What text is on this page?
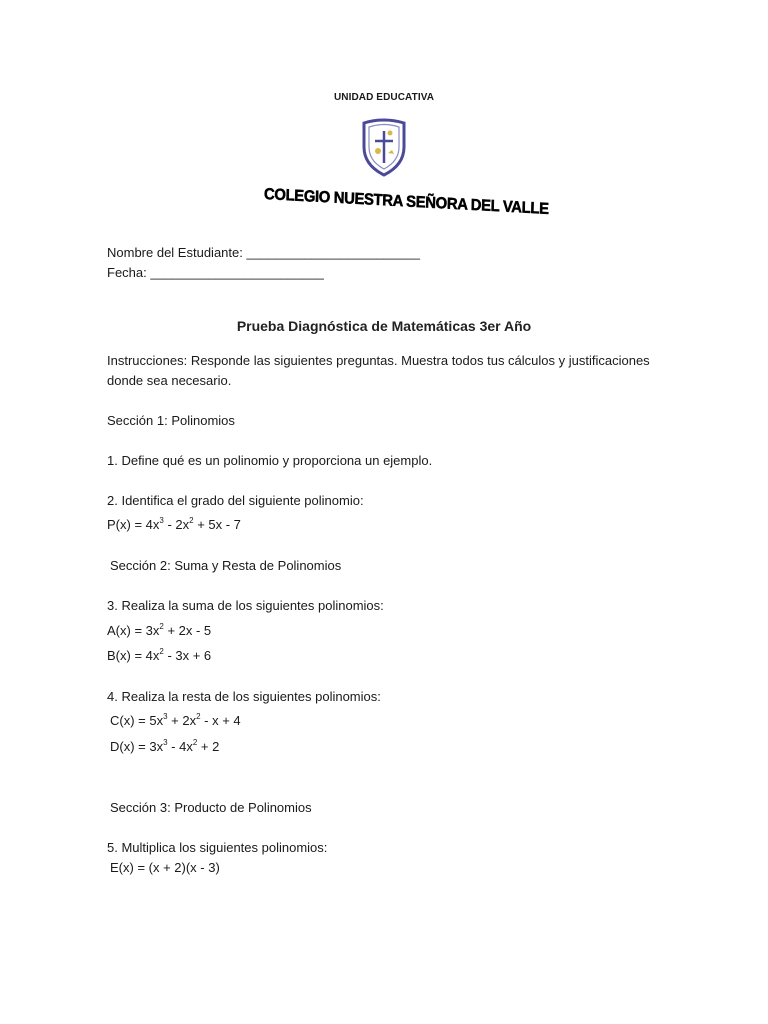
UNIDAD EDUCATIVA
COLEGIO NUESTRA SEÑORA DEL VALLE
Nombre del Estudiante: ________________________
Fecha: ________________________
Prueba Diagnóstica de Matemáticas 3er Año
Instrucciones: Responde las siguientes preguntas. Muestra todos tus cálculos y justificaciones
donde sea necesario.
Sección 1: Polinomios
1. Define qué es un polinomio y proporciona un ejemplo.
2. Identifica el grado del siguiente polinomio:
$P(x) = 4x^3 - 2x^2 + 5x - 7$
Sección 2: Suma y Resta de Polinomios
3. Realiza la suma de los siguientes polinomios:
$A(x) = 3x^2 + 2x - 5$
$B(x) = 4x^2 - 3x + 6$
4. Realiza la resta de los siguientes polinomios:
$C(x) = 5x^3 + 2x^2 - x + 4$
$D(x) = 3x^3 - 4x^2 + 2$
Sección 3: Producto de Polinomios
5. Multiplica los siguientes polinomios:
E(x) = (x + 2)(x - 3)
